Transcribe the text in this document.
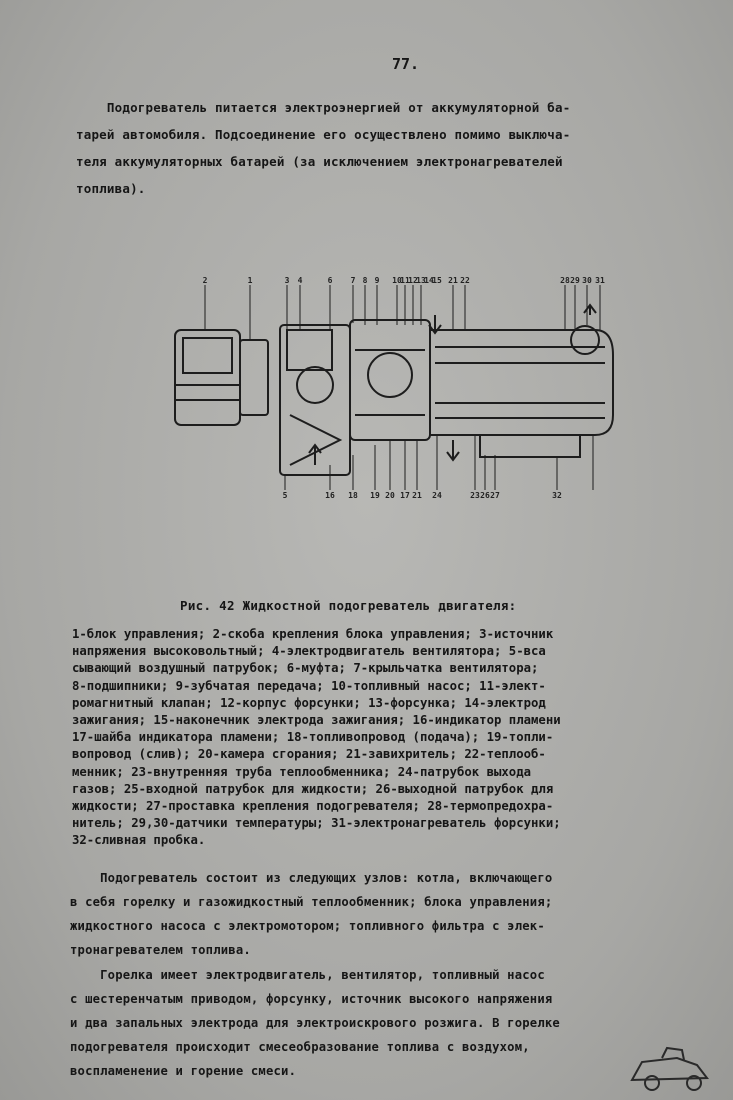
77.
Подогреватель питается электроэнергией от аккумуляторной ба-
тарей автомобиля. Подсоединение его осуществлено помимо выключа-
теля аккумуляторных батарей (за исключением электронагревателей
топлива).
2	1	3 4	6 7 8 9 10
11
12
13
14
15 21 22	28 29 30 31
5	16 18 19 20 17 21 24	23 26 27	32
Рис. 42 Жидкостной подогреватель двигателя:
1-блок управления; 2-скоба крепления блока управления; 3-источник
напряжения высоковольтный; 4-электродвигатель вентилятора; 5-вса
сывающий воздушный патрубок; 6-муфта; 7-крыльчатка вентилятора;
8-подшипники; 9-зубчатая передача; 10-топливный насос; 11-элект-
ромагнитный клапан; 12-корпус форсунки; 13-форсунка; 14-электрод
зажигания; 15-наконечник электрода зажигания; 16-индикатор пламени
17-шайба индикатора пламени; 18-топливопровод (подача); 19-топли-
вопровод (слив); 20-камера сгорания; 21-завихритель; 22-теплооб-
менник; 23-внутренняя труба теплообменника; 24-патрубок выхода
газов; 25-входной патрубок для жидкости; 26-выходной патрубок для
жидкости; 27-проставка крепления подогревателя; 28-термопредохра-
нитель; 29,30-датчики температуры; 31-электронагреватель форсунки;
32-сливная пробка.
Подогреватель состоит из следующих узлов: котла, включающего
в себя горелку и газожидкостный теплообменник; блока управления;
жидкостного насоса с электромотором; топливного фильтра с элек-
тронагревателем топлива.
Горелка имеет электродвигатель, вентилятор, топливный насос
с шестеренчатым приводом, форсунку, источник высокого напряжения
и два запальных электрода для электроискрового розжига. В горелке
подогревателя происходит смесеобразование топлива с воздухом,
воспламенение и горение смеси.
